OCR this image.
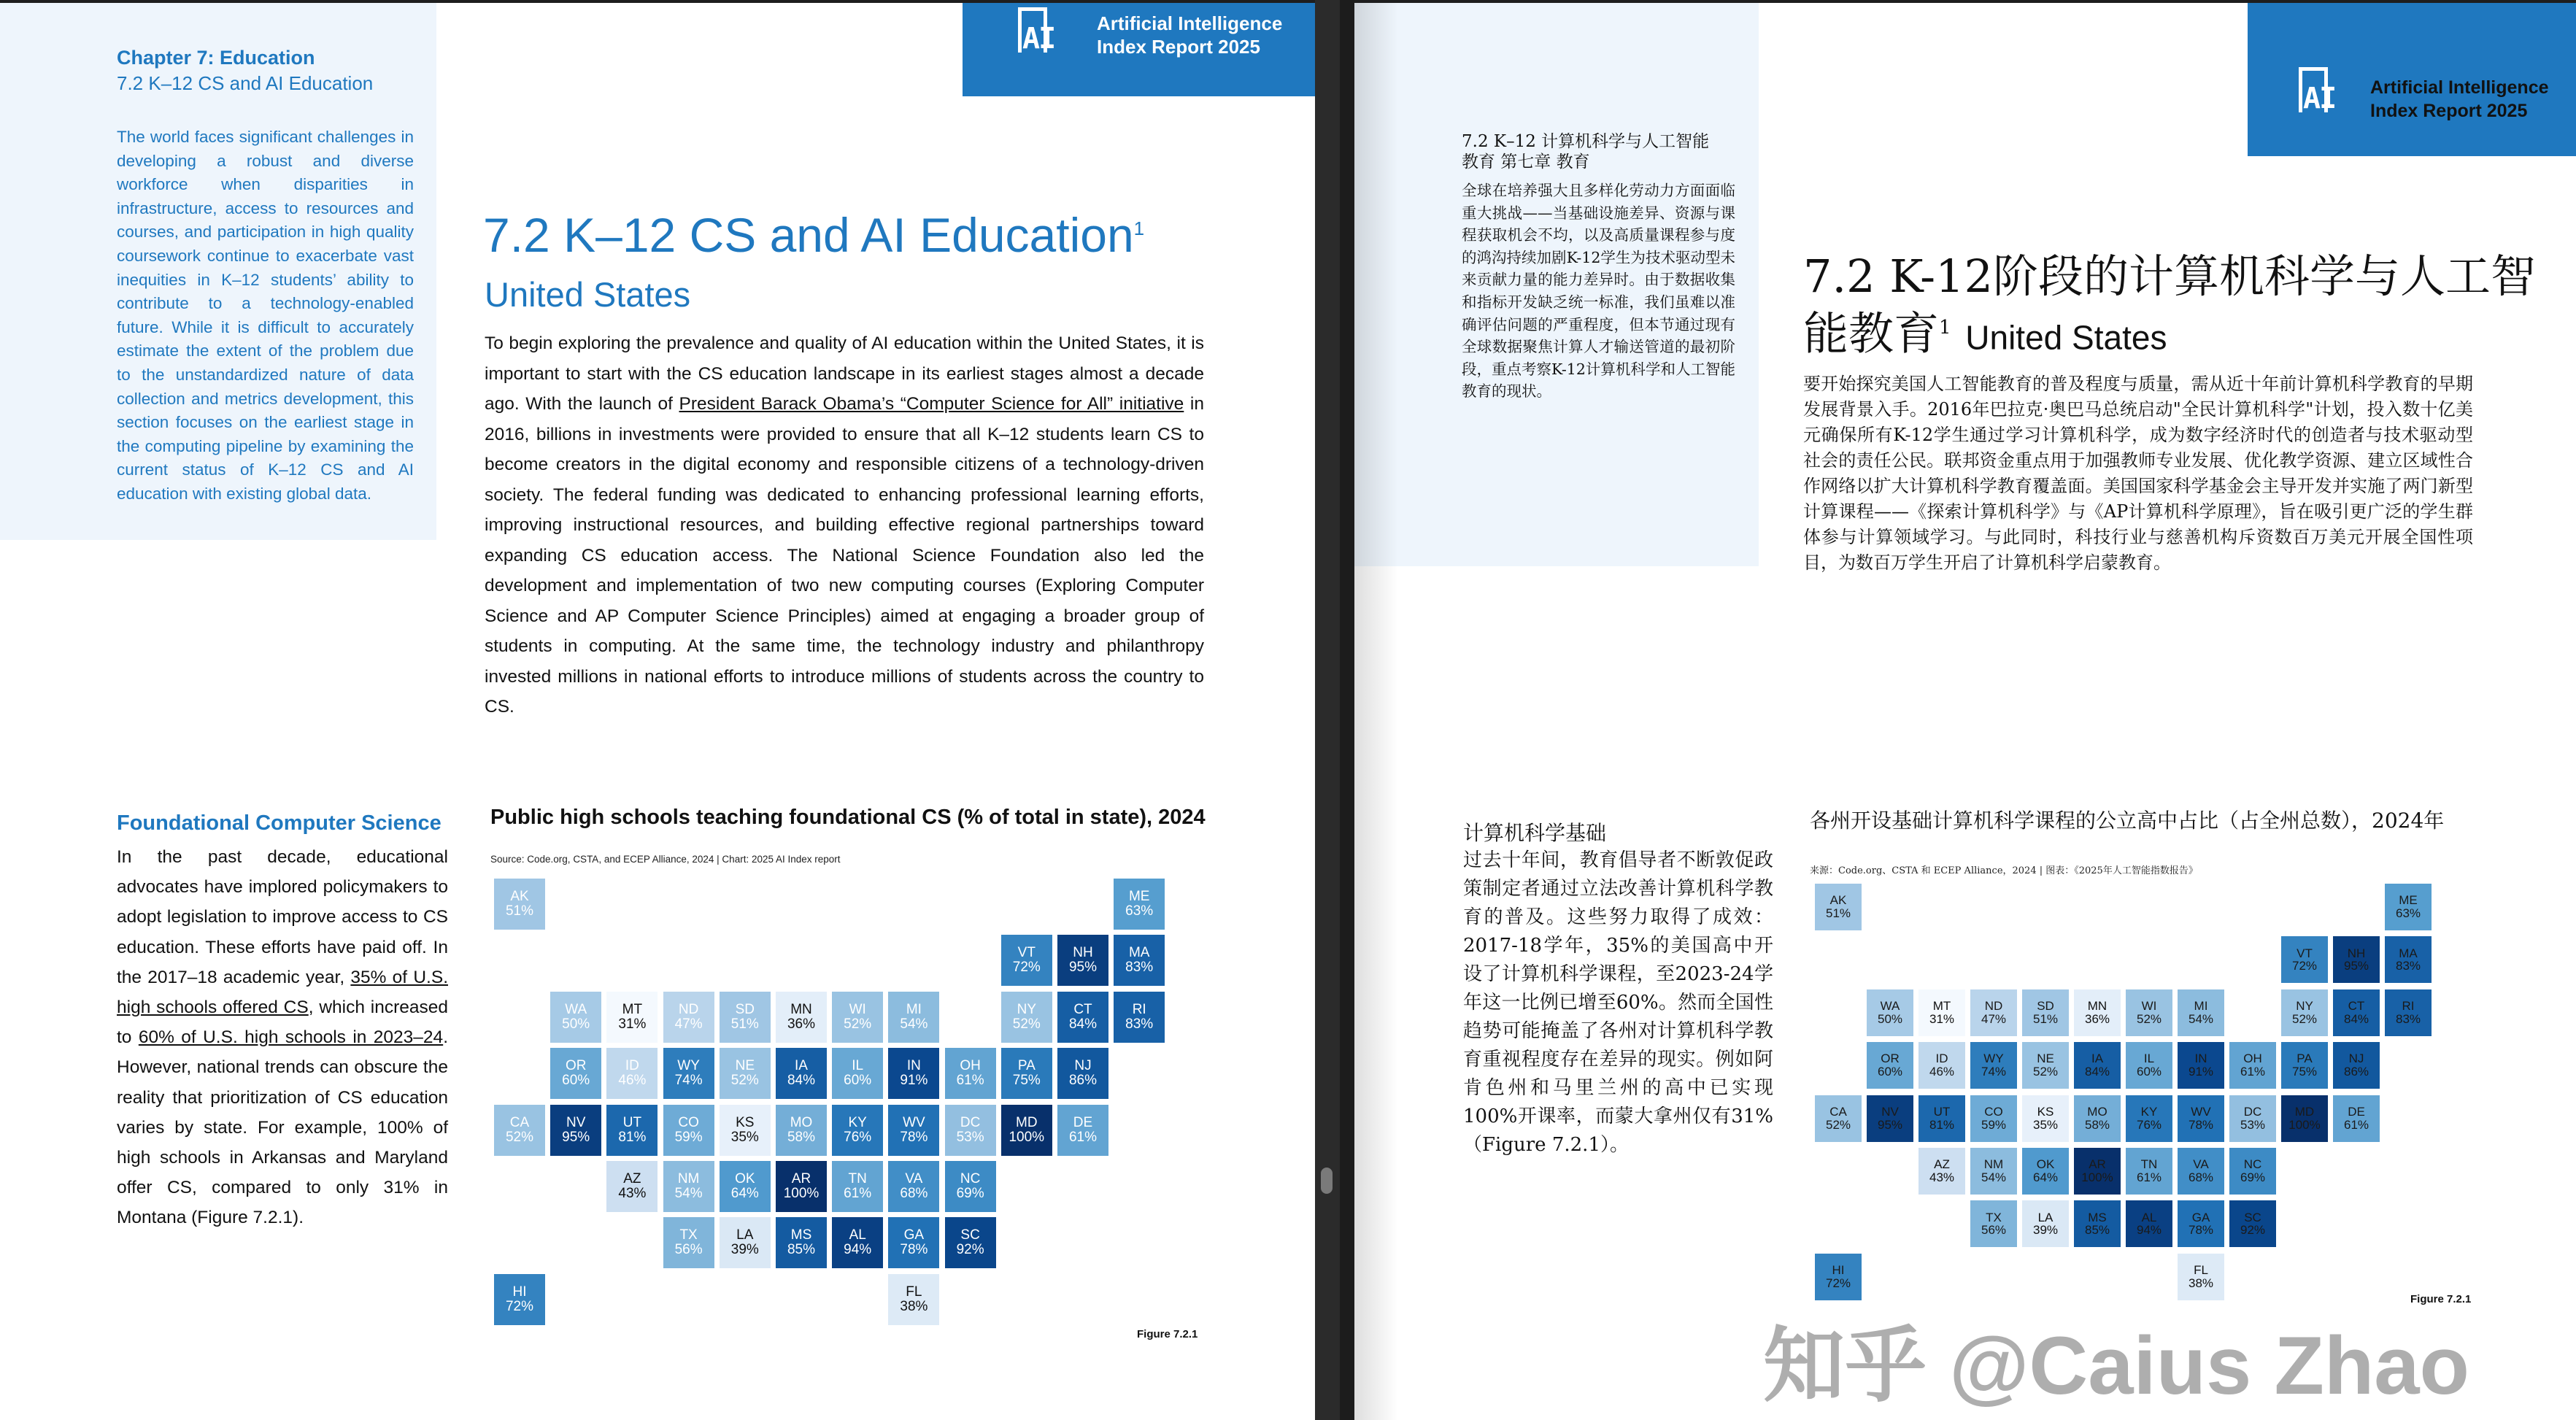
Chapter 7: Education
7.2 K–12 CS and AI Education
The world faces significant challenges in developing a robust and diverse workforce when disparities in infrastructure, access to resources and courses, and participation in high quality coursework continue to exacerbate vast inequities in K–12 students’ ability to contribute to a technology-enabled future. While it is difficult to accurately estimate the extent of the problem due to the unstandardized nature of data collection and metrics development, this section focuses on the earliest stage in the computing pipeline by examining the current status of K–12 CS and AI education with existing global data.
AI Artificial Intelligence
Index Report 2025
7.2 K–12 CS and AI Education$^1$
United States
To begin exploring the prevalence and quality of AI education within the United States, it is important to start with the CS education landscape in its earliest stages almost a decade ago. With the launch of President Barack Obama’s “Computer Science for All” initiative in 2016, billions in investments were provided to ensure that all K–12 students learn CS to become creators in the digital economy and responsible citizens of a technology-driven society. The federal funding was dedicated to enhancing professional learning efforts, improving instructional resources, and building effective regional partnerships toward expanding CS education access. The National Science Foundation also led the development and implementation of two new computing courses (Exploring Computer Science and AP Computer Science Principles) aimed at engaging a broader group of students in computing. At the same time, the technology industry and philanthropy invested millions in national efforts to introduce millions of students across the country to CS.
Foundational Computer Science
In the past decade, educational advocates have implored policymakers to adopt legislation to improve access to CS education. These efforts have paid off. In the 2017–18 academic year, 35% of U.S. high schools offered CS, which increased to 60% of U.S. high schools in 2023–24. However, national trends can obscure the reality that prioritization of CS education varies by state. For example, 100% of high schools in Arkansas and Maryland offer CS, compared to only 31% in Montana (Figure 7.2.1).
Public high schools teaching foundational CS (% of total in state), 2024
Source: Code.org, CSTA, and ECEP Alliance, 2024 | Chart: 2025 AI Index report
AK
51%
ME
63%
VT
72%
NH
95%
MA
83%
WA
50%
MT
31%
ND
47%
SD
51%
MN
36%
WI
52%
MI
54%
NY
52%
CT
84%
RI
83%
OR
60%
ID
46%
WY
74%
NE
52%
IA
84%
IL
60%
IN
91%
OH
61%
PA
75%
NJ
86%
CA
52%
NV
95%
UT
81%
CO
59%
KS
35%
MO
58%
KY
76%
WV
78%
DC
53%
MD
100%
DE
61%
AZ
43%
NM
54%
OK
64%
AR
100%
TN
61%
VA
68%
NC
69%
TX
56%
LA
39%
MS
85%
AL
94%
GA
78%
SC
92%
HI
72%
FL
38%
Figure 7.2.1
7.2 K–12 计算机科学与人工智能教育 第七章 教育
全球在培养强大且多样化劳动力方面面临重大挑战——当基础设施差异、资源与课程获取机会不均，以及高质量课程参与度的鸿沟持续加剧K-12学生为技术驱动型未来贡献力量的能力差异时。由于数据收集和指标开发缺乏统一标准，我们虽难以准确评估问题的严重程度，但本节通过现有全球数据聚焦计算人才输送管道的最初阶段，重点考察K-12计算机科学和人工智能教育的现状。
AI Artificial Intelligence
Index Report 2025
7.2 K-12阶段的计算机科学与人工智能教育$^1$ United States
要开始探究美国人工智能教育的普及程度与质量，需从近十年前计算机科学教育的早期发展背景入手。2016年巴拉克·奥巴马总统启动"全民计算机科学"计划，投入数十亿美元确保所有K-12学生通过学习计算机科学，成为数字经济时代的创造者与技术驱动型社会的责任公民。联邦资金重点用于加强教师专业发展、优化教学资源、建立区域性合作网络以扩大计算机科学教育覆盖面。美国国家科学基金会主导开发并实施了两门新型计算课程——《探索计算机科学》与《AP计算机科学原理》，旨在吸引更广泛的学生群体参与计算领域学习。与此同时，科技行业与慈善机构斥资数百万美元开展全国性项目，为数百万学生开启了计算机科学启蒙教育。
计算机科学基础
过去十年间，教育倡导者不断敦促政策制定者通过立法改善计算机科学教育的普及。这些努力取得了成效：2017-18学年，35%的美国高中开设了计算机科学课程，至2023-24学年这一比例已增至60%。然而全国性趋势可能掩盖了各州对计算机科学教育重视程度存在差异的现实。例如阿肯色州和马里兰州的高中已实现100%开课率，而蒙大拿州仅有31%（Figure 7.2.1）。
各州开设基础计算机科学课程的公立高中占比（占全州总数），2024年
来源：Code.org、CSTA 和 ECEP Alliance，2024 | 图表：《2025年人工智能指数报告》
AK
51%
ME
63%
VT
72%
NH
95%
MA
83%
WA
50%
MT
31%
ND
47%
SD
51%
MN
36%
WI
52%
MI
54%
NY
52%
CT
84%
RI
83%
OR
60%
ID
46%
WY
74%
NE
52%
IA
84%
IL
60%
IN
91%
OH
61%
PA
75%
NJ
86%
CA
52%
NV
95%
UT
81%
CO
59%
KS
35%
MO
58%
KY
76%
WV
78%
DC
53%
MD
100%
DE
61%
AZ
43%
NM
54%
OK
64%
AR
100%
TN
61%
VA
68%
NC
69%
TX
56%
LA
39%
MS
85%
AL
94%
GA
78%
SC
92%
HI
72%
FL
38%
Figure 7.2.1
知乎 @Caius Zhao
